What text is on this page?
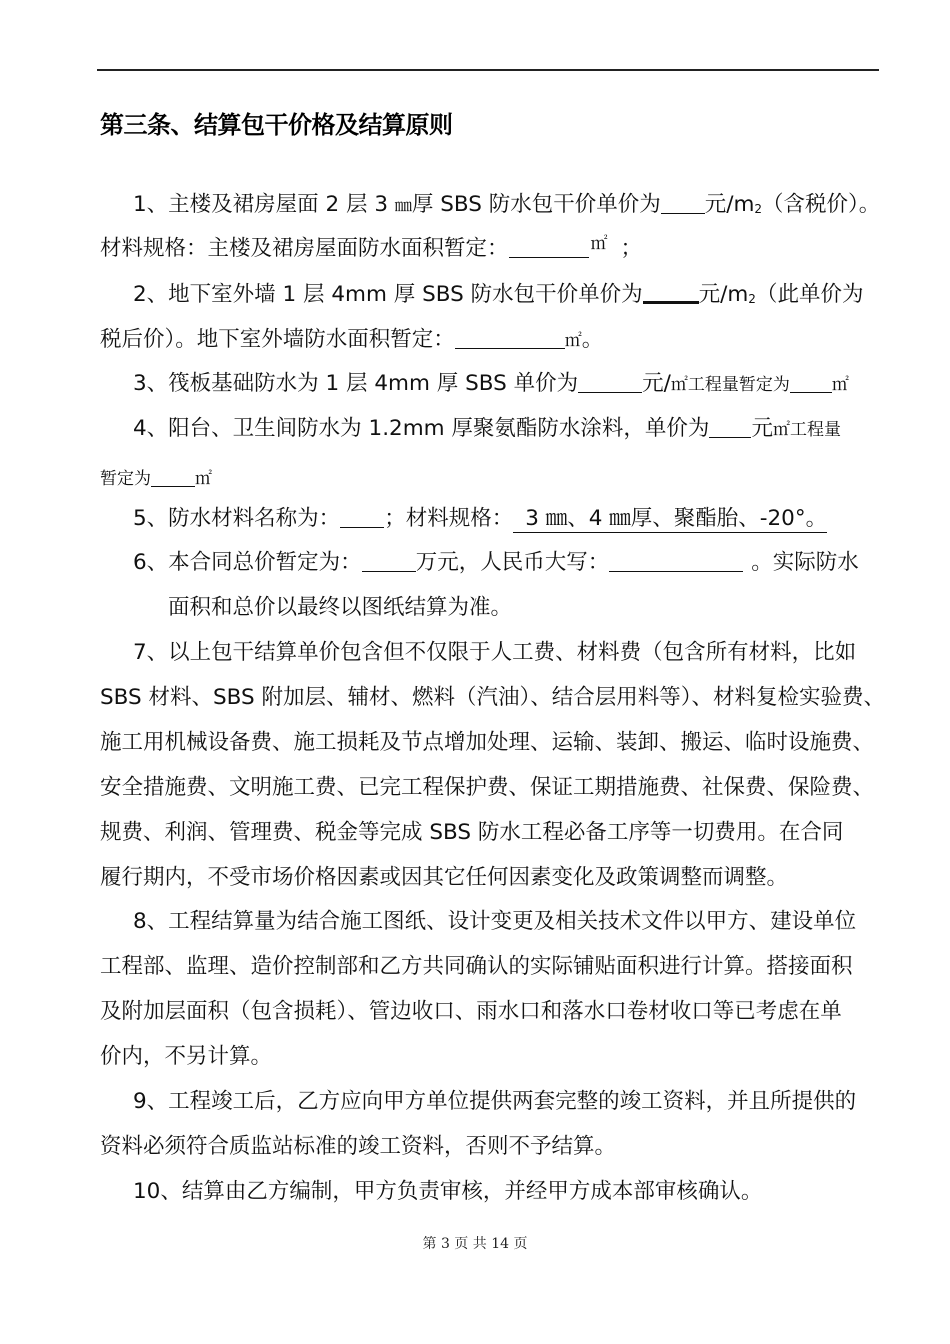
第三条、结算包干价格及结算原则
1、主楼及裙房屋面 2 层 3 ㎜厚 SBS 防水包干价单价为 元/m2（含税价）。
材料规格：主楼及裙房屋面防水面积暂定：	㎡ ；
2、地下室外墙 1 层 4mm 厚 SBS 防水包干价单价为	元/m2（此单价为
税后价）。地下室外墙防水面积暂定：	㎡。
3、筏板基础防水为 1 层 4mm 厚 SBS 单价为	元/㎡工程量暂定为 ㎡
4、阳台、卫生间防水为 1.2mm 厚聚氨酯防水涂料，单价为 元㎡工程量
暂定为	㎡
5、防水材料名称为： ；材料规格： 3 ㎜、4 ㎜厚、聚酯胎、-20°。
6、本合同总价暂定为：	万元，人民币大写：	。实际防水
面积和总价以最终以图纸结算为准。
7、以上包干结算单价包含但不仅限于人工费、材料费（包含所有材料，比如
SBS 材料、SBS 附加层、辅材、燃料（汽油）、结合层用料等）、材料复检实验费、
施工用机械设备费、施工损耗及节点增加处理、运输、装卸、搬运、临时设施费、
安全措施费、文明施工费、已完工程保护费、保证工期措施费、社保费、保险费、
规费、利润、管理费、税金等完成 SBS 防水工程必备工序等一切费用。在合同
履行期内，不受市场价格因素或因其它任何因素变化及政策调整而调整。
8、工程结算量为结合施工图纸、设计变更及相关技术文件以甲方、建设单位
工程部、监理、造价控制部和乙方共同确认的实际铺贴面积进行计算。搭接面积
及附加层面积（包含损耗）、管边收口、雨水口和落水口卷材收口等已考虑在单
价内，不另计算。
9、工程竣工后，乙方应向甲方单位提供两套完整的竣工资料，并且所提供的
资料必须符合质监站标准的竣工资料，否则不予结算。
10、结算由乙方编制，甲方负责审核，并经甲方成本部审核确认。
第 3 页 共 14 页
